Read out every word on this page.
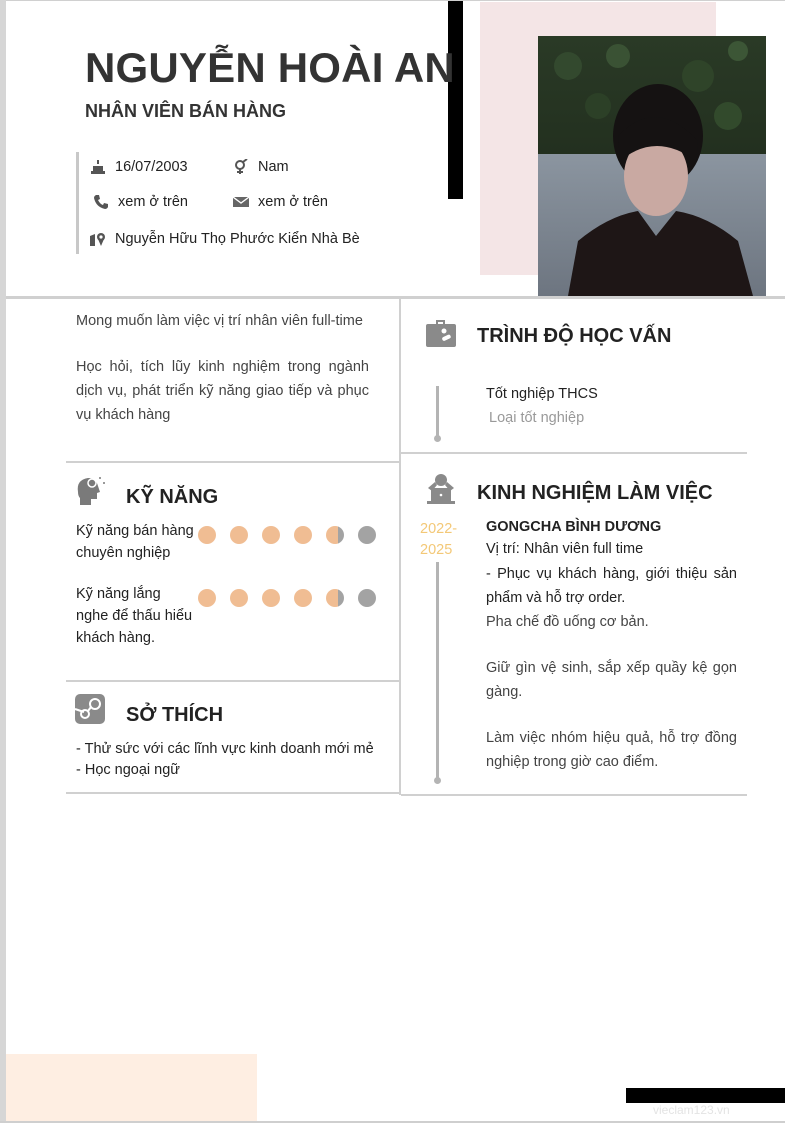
NGUYỄN HOÀI AN
NHÂN VIÊN BÁN HÀNG
16/07/2003	Nam
xem ở trên	xem ở trên
Nguyễn Hữu Thọ Phước Kiển Nhà Bè

Mong muốn làm việc vị trí nhân viên full-time

Học hỏi, tích lũy kinh nghiệm trong ngành dịch vụ, phát triển kỹ năng giao tiếp và phục vụ khách hàng

KỸ NĂNG
Kỹ năng bán hàng chuyên nghiệp
Kỹ năng lắng nghe để thấu hiểu khách hàng.
SỞ THÍCH
- Thử sức với các lĩnh vực kinh doanh mới mẻ
- Học ngoại ngữ
TRÌNH ĐỘ HỌC VẤN
Tốt nghiệp THCS
Loại tốt nghiệp
KINH NGHIỆM LÀM VIỆC
2022-
2025
GONGCHA BÌNH DƯƠNG
Vị trí: Nhân viên full time

- Phục vụ khách hàng, giới thiệu sản phẩm và hỗ trợ order.

Pha chế đồ uống cơ bản.

Giữ gìn vệ sinh, sắp xếp quầy kệ gọn gàng.

Làm việc nhóm hiệu quả, hỗ trợ đồng nghiệp trong giờ cao điểm.

vieclam123.vn
